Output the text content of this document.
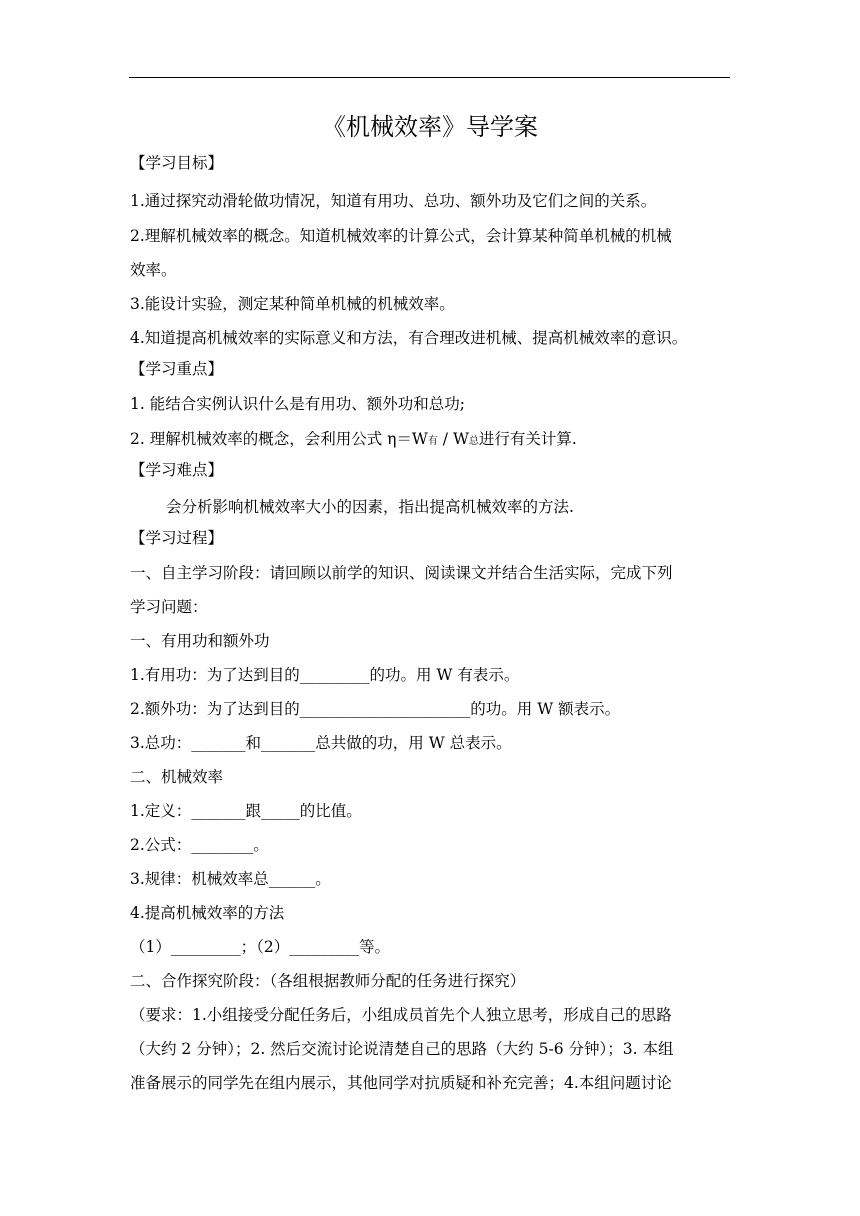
《机械效率》导学案
【学习目标】
1.通过探究动滑轮做功情况，知道有用功、总功、额外功及它们之间的关系。
2.理解机械效率的概念。知道机械效率的计算公式，会计算某种简单机械的机械
效率。
3.能设计实验，测定某种简单机械的机械效率。
4.知道提高机械效率的实际意义和方法，有合理改进机械、提高机械效率的意识。
【学习重点】
1. 能结合实例认识什么是有用功、额外功和总功;
2. 理解机械效率的概念，会利用公式 η＝W有 / W总进行有关计算.
【学习难点】
会分析影响机械效率大小的因素，指出提高机械效率的方法.
【学习过程】
一、自主学习阶段：请回顾以前学的知识、阅读课文并结合生活实际，完成下列
学习问题：
一、有用功和额外功
1.有用功：为了达到目的_________的功。用 W 有表示。
2.额外功：为了达到目的______________________的功。用 W 额表示。
3.总功：_______和_______总共做的功，用 W 总表示。
二、机械效率
1.定义：_______跟_____的比值。
2.公式：________。
3.规律：机械效率总______。
4.提高机械效率的方法
（1）_________；（2）_________等。
二、合作探究阶段：（各组根据教师分配的任务进行探究）
（要求：1.小组接受分配任务后，小组成员首先个人独立思考，形成自己的思路
（大约 2 分钟）；2. 然后交流讨论说清楚自己的思路（大约 5-6 分钟）；3. 本组
准备展示的同学先在组内展示，其他同学对抗质疑和补充完善；4.本组问题讨论
